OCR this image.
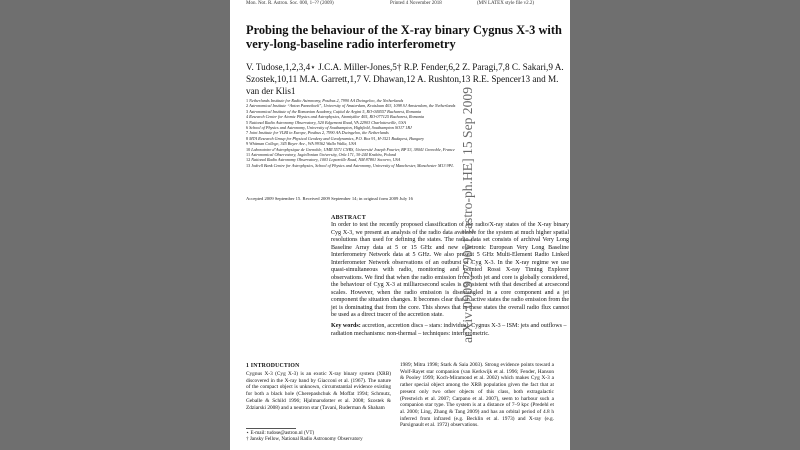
Mon. Not. R. Astron. Soc. 000, 1–?? (2009)	Printed 4 November 2018	(MN LATEX style file v2.2)
Probing the behaviour of the X-ray binary Cygnus X-3 with very-long-baseline radio interferometry
V. Tudose,1,2,3,4⋆ J.C.A. Miller-Jones,5† R.P. Fender,6,2 Z. Paragi,7,8 C. Sakari,9 A. Szostek,10,11 M.A. Garrett,1,7 V. Dhawan,12 A. Rushton,13 R.E. Spencer13 and M. van der Klis1
1 Netherlands Institute for Radio Astronomy, Postbus 2, 7990 AA Dwingeloo, the Netherlands
2 Astronomical Institute “Anton Pannekoek”, University of Amsterdam, Kruislaan 403, 1098 SJ Amsterdam, the Netherlands
3 Astronomical Institute of the Romanian Academy, Cuțitul de Argint 5, RO-040557 Bucharest, Romania
4 Research Center for Atomic Physics and Astrophysics, Atomiștilor 405, RO-077125 Bucharest, Romania
5 National Radio Astronomy Observatory, 520 Edgemont Road, VA 22903 Charlottesville, USA
6 School of Physics and Astronomy, University of Southampton, Highfield, Southampton SO17 1BJ
7 Joint Institute for VLBI in Europe, Postbus 2, 7990 AA Dwingeloo, the Netherlands
8 MTA Research Group for Physical Geodesy and Geodynamics, P.O. Box 91, H-1521 Budapest, Hungary
9 Whitman College, 345 Boyer Ave., WA 99362 Walla Walla, USA
10 Laboratoire d’Astrophysique de Grenoble, UMR 5571 CNRS, Université Joseph Fourier, BP 53, 38041 Grenoble, France
11 Astronomical Observatory, Jagiellonian University, Orla 171, 30-244 Kraków, Poland
12 National Radio Astronomy Observatory, 1003 Lopezville Road, NM 87801 Socorro, USA
13 Jodrell Bank Centre for Astrophysics, School of Physics and Astronomy, University of Manchester, Manchester M13 9PL
Accepted 2009 September 15. Received 2009 September 14; in original form 2009 July 16
ABSTRACT
In order to test the recently proposed classification of the radio/X-ray states of the X-ray binary Cyg X-3, we present an analysis of the radio data available for the system at much higher spatial resolutions than used for defining the states. The radio data set consists of archival Very Long Baseline Array data at 5 or 15 GHz and new electronic European Very Long Baseline Interferometry Network data at 5 GHz. We also present 5 GHz Multi-Element Radio Linked Interferometer Network observations of an outburst of Cyg X-3. In the X-ray regime we use quasi-simultaneous with radio, monitoring and pointed Rossi X-ray Timing Explorer observations. We find that when the radio emission from both jet and core is globally considered, the behaviour of Cyg X-3 at milliarcsecond scales is consistent with that described at arcsecond scales. However, when the radio emission is disentangled in a core component and a jet component the situation changes. It becomes clear that in active states the radio emission from the jet is dominating that from the core. This shows that in these states the overall radio flux cannot be used as a direct tracer of the accretion state.
Key words: accretion, accretion discs – stars: individual: Cygnus X-3 – ISM: jets and outflows – radiation mechanisms: non-thermal – techniques: interferometric.
1 INTRODUCTION
Cygnus X-3 (Cyg X-3) is an exotic X-ray binary system (XRB) discovered in the X-ray band by Giacconi et al. (1967). The nature of the compact object is unknown, circumstantial evidence existing for both a black hole (Cherepashchuk & Moffat 1994; Schmutz, Geballe & Schild 1996; Hjalmarsdotter et al. 2008; Szostek & Zdziarski 2008) and a neutron star (Tavani, Ruderman & Shaham
1989; Mitra 1998; Stark & Saia 2003). Strong evidence points toward a Wolf-Rayet star companion (van Kerkwijk et al. 1996; Fender, Hanson & Pooley 1999; Koch-Miramond et al. 2002) which makes Cyg X-3 a rather special object among the XRB population given the fact that at present only two other objects of this class, both extragalactic (Prestwich et al. 2007; Carpano et al. 2007), seem to harbour such a companion star type. The system is at a distance of 7–9 kpc (Predehl et al. 2000; Ling, Zhang & Tang 2009) and has an orbital period of 4.8 h inferred from infrared (e.g. Becklin et al. 1973) and X-ray (e.g. Parsignault et al. 1972) observations.
⋆ E-mail: tudose@astron.nl (VT)
† Jansky Fellow, National Radio Astronomy Observatory
arXiv:0909.2790v1 [astro-ph.HE] 15 Sep 2009
